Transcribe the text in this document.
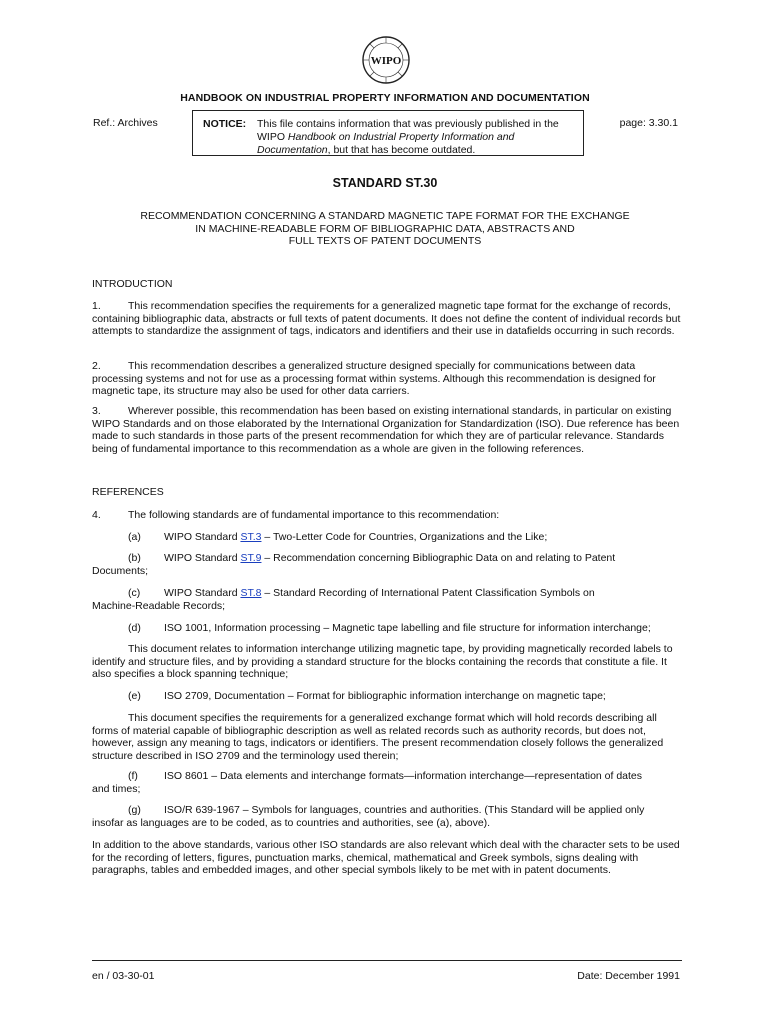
WIPO
HANDBOOK ON INDUSTRIAL PROPERTY INFORMATION AND DOCUMENTATION
Ref.: Archives	page: 3.30.1
NOTICE: This file contains information that was previously published in the
WIPO Handbook on Industrial Property Information and
Documentation, but that has become outdated.
STANDARD ST.30
RECOMMENDATION CONCERNING A STANDARD MAGNETIC TAPE FORMAT FOR THE EXCHANGE
IN MACHINE-READABLE FORM OF BIBLIOGRAPHIC DATA, ABSTRACTS AND
FULL TEXTS OF PATENT DOCUMENTS
INTRODUCTION
1.	This recommendation specifies the requirements for a generalized magnetic tape format for the exchange of records, containing bibliographic data, abstracts or full texts of patent documents. It does not define the content of individual records but attempts to standardize the assignment of tags, indicators and identifiers and their use in datafields occurring in such records.
2.	This recommendation describes a generalized structure designed specially for communications between data processing systems and not for use as a processing format within systems. Although this recommendation is designed for magnetic tape, its structure may also be used for other data carriers.
3.	Wherever possible, this recommendation has been based on existing international standards, in particular on existing WIPO Standards and on those elaborated by the International Organization for Standardization (ISO). Due reference has been made to such standards in those parts of the present recommendation for which they are of particular relevance. Standards being of fundamental importance to this recommendation as a whole are given in the following references.
REFERENCES
4.	The following standards are of fundamental importance to this recommendation:
(a) WIPO Standard ST.3 – Two-Letter Code for Countries, Organizations and the Like;
(b) WIPO Standard ST.9 – Recommendation concerning Bibliographic Data on and relating to Patent
Documents;
(c) WIPO Standard ST.8 – Standard Recording of International Patent Classification Symbols on
Machine-Readable Records;
(d) ISO 1001, Information processing – Magnetic tape labelling and file structure for information interchange;
This document relates to information interchange utilizing magnetic tape, by providing magnetically recorded labels to identify and structure files, and by providing a standard structure for the blocks containing the records that constitute a file. It also specifies a block spanning technique;
(e) ISO 2709, Documentation – Format for bibliographic information interchange on magnetic tape;
This document specifies the requirements for a generalized exchange format which will hold records describing all forms of material capable of bibliographic description as well as related records such as authority records, but does not, however, assign any meaning to tags, indicators or identifiers. The present recommendation closely follows the generalized structure described in ISO 2709 and the terminology used therein;
(f) ISO 8601 – Data elements and interchange formats—information interchange—representation of dates
and times;
(g) ISO/R 639-1967 – Symbols for languages, countries and authorities. (This Standard will be applied only
insofar as languages are to be coded, as to countries and authorities, see (a), above).
In addition to the above standards, various other ISO standards are also relevant which deal with the character sets to be used for the recording of letters, figures, punctuation marks, chemical, mathematical and Greek symbols, signs dealing with paragraphs, tables and embedded images, and other special symbols likely to be met with in patent documents.
en / 03-30-01	Date: December 1991
